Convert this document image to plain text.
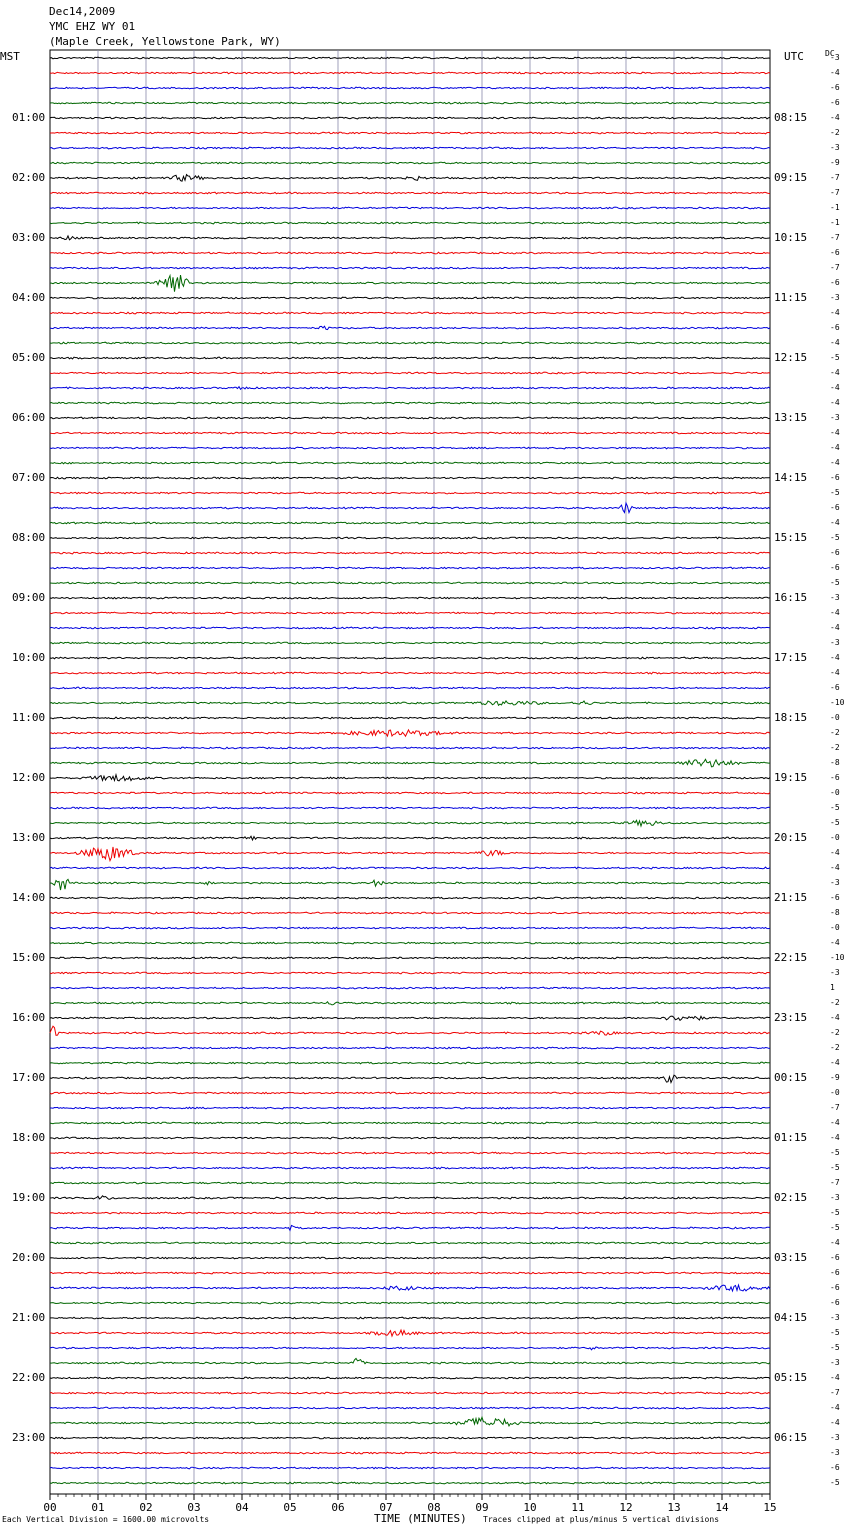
Dec14,2009
YMC EHZ WY 01
(Maple Creek, Yellowstone Park, WY)
MST	UTC	DC
00	01	02	03	04	05	06	07	08	09	10	11	12	13	14	15
01:00
02:00
03:00
04:00
05:00
06:00
07:00
08:00
09:00
10:00
11:00
12:00
13:00
14:00
15:00
16:00
17:00
18:00
19:00
20:00
21:00
22:00
23:00
08:15
09:15
10:15
11:15
12:15
13:15
14:15
15:15
16:15
17:15
18:15
19:15
20:15
21:15
22:15
23:15
00:15
01:15
02:15
03:15
04:15
05:15
06:15
-3
-4
-6
-6
-4
-2
-3
-9
-7
-7
-1
-1
-7
-6
-7
-6
-3
-4
-6
-4
-5
-4
-4
-4
-3
-4
-4
-4
-6
-5
-6
-4
-5
-6
-6
-5
-3
-4
-4
-3
-4
-4
-6
-10
-0
-2
-2
-8
-6
-0
-5
-5
-0
-4
-4
-3
-6
-8
-0
-4
-10
-3
1
-2
-4
-2
-2
-4
-9
-0
-7
-4
-4
-5
-5
-7
-3
-5
-5
-4
-6
-6
-6
-6
-3
-5
-5
-3
-4
-7
-4
-4
-3
-3
-6
-5
Each Vertical Division = 1600.00 microvolts	TIME (MINUTES) Traces clipped at plus/minus 5 vertical divisions
